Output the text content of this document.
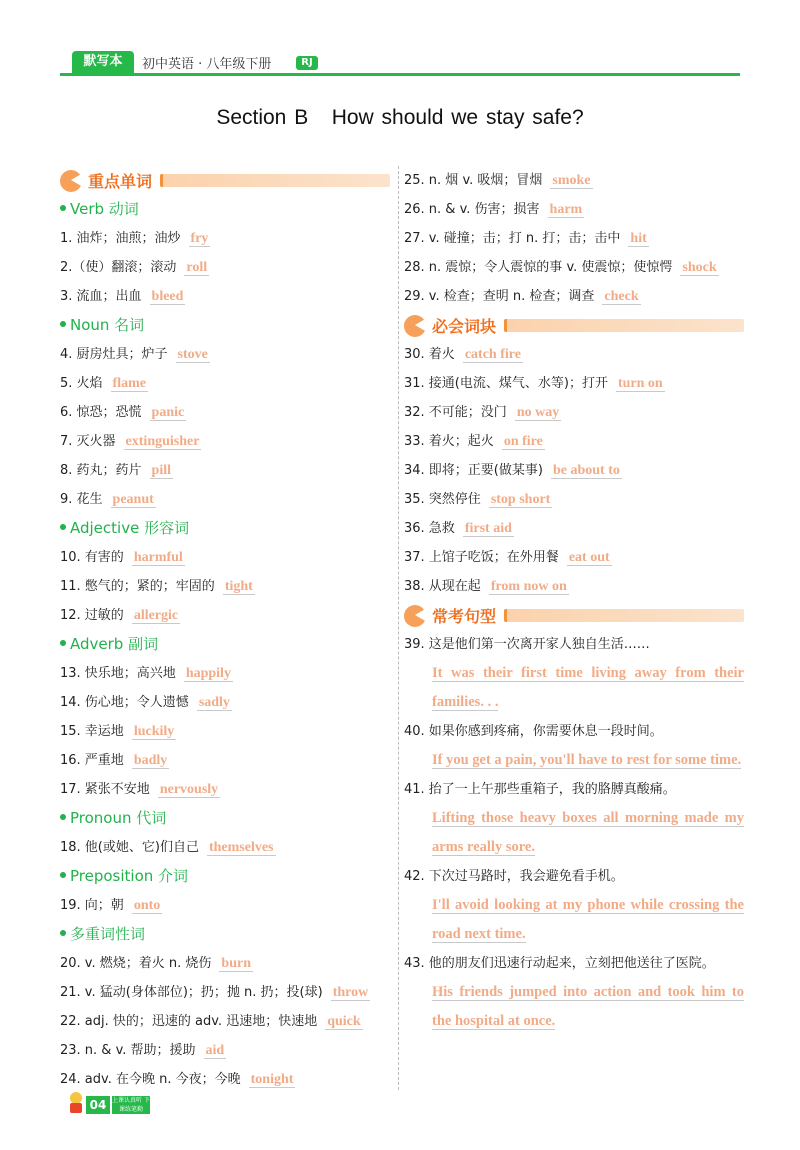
默写本	初中英语 · 八年级下册	RJ
Section B   How should we stay safe?
重点单词
Verb 动词
1. 油炸；油煎；油炒 fry
2.（使）翻滚；滚动 roll
3. 流血；出血 bleed
Noun 名词
4. 厨房灶具；炉子 stove
5. 火焰 flame
6. 惊恐；恐慌 panic
7. 灭火器 extinguisher
8. 药丸；药片 pill
9. 花生 peanut
Adjective 形容词
10. 有害的 harmful
11. 憋气的；紧的；牢固的 tight
12. 过敏的 allergic
Adverb 副词
13. 快乐地；高兴地 happily
14. 伤心地；令人遗憾 sadly
15. 幸运地 luckily
16. 严重地 badly
17. 紧张不安地 nervously
Pronoun 代词
18. 他(或她、它)们自己 themselves
Preposition 介词
19. 向；朝 onto
多重词性词
20. v. 燃烧；着火 n. 烧伤 burn
21. v. 猛动(身体部位)；扔；抛 n. 扔；投(球) throw
22. adj. 快的；迅速的 adv. 迅速地；快速地 quick
23. n. & v. 帮助；援助 aid
24. adv. 在今晚 n. 今夜；今晚 tonight
25. n. 烟 v. 吸烟；冒烟 smoke
26. n. & v. 伤害；损害 harm
27. v. 碰撞；击；打 n. 打；击；击中 hit
28. n. 震惊；令人震惊的事 v. 使震惊；使惊愕 shock
29. v. 检查；查明 n. 检查；调查 check
必会词块
30. 着火 catch fire
31. 接通(电流、煤气、水等)；打开 turn on
32. 不可能；没门 no way
33. 着火；起火 on fire
34. 即将；正要(做某事) be about to
35. 突然停住 stop short
36. 急救 first aid
37. 上馆子吃饭；在外用餐 eat out
38. 从现在起 from now on
常考句型
39. 这是他们第一次离开家人独自生活……
It was their first time living away from their families. . .
40. 如果你感到疼痛，你需要休息一段时间。
If you get a pain, you'll have to rest for some time.
41. 抬了一上午那些重箱子，我的胳膊真酸痛。
Lifting those heavy boxes all morning made my arms really sore.
42. 下次过马路时，我会避免看手机。
I'll avoid looking at my phone while crossing the road next time.
43. 他的朋友们迅速行动起来，立刻把他送往了医院。
His friends jumped into action and took him to the hospital at once.
04 上课认真听 下课练笔勤
